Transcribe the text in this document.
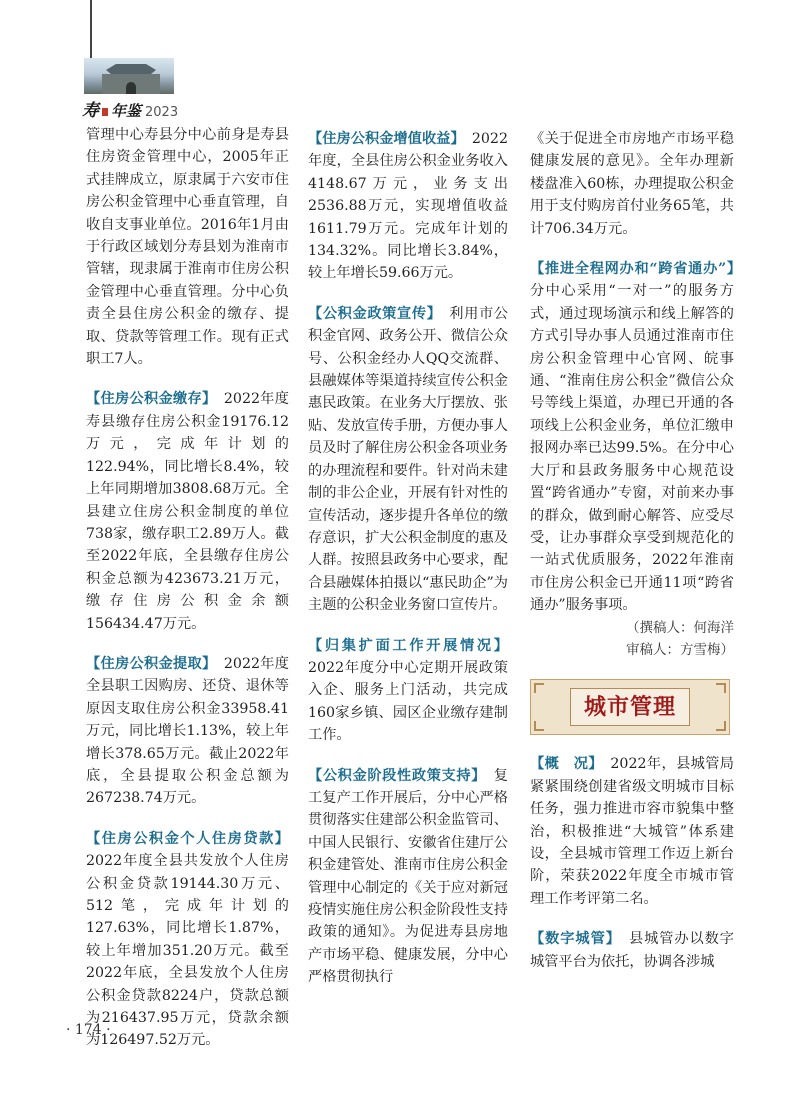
寿 年鉴 2023

管理中心寿县分中心前身是寿县住房资金管理中心，2005年正式挂牌成立，原隶属于六安市住房公积金管理中心垂直管理，自收自支事业单位。2016年1月由于行政区域划分寿县划为淮南市管辖，现隶属于淮南市住房公积金管理中心垂直管理。分中心负责全县住房公积金的缴存、提取、贷款等管理工作。现有正式职工7人。

【住房公积金缴存】　 2022年度寿县缴存住房公积金19176.12万元，完成年计划的122.94%，同比增长8.4%，较上年同期增加3808.68万元。全县建立住房公积金制度的单位738家，缴存职工2.89万人。截至2022年底，全县缴存住房公积金总额为423673.21万元，缴存住房公积金余额156434.47万元。

【住房公积金提取】　 2022年度全县职工因购房、还贷、退休等原因支取住房公积金33958.41万元，同比增长1.13%，较上年增长378.65万元。截止2022年底，全县提取公积金总额为267238.74万元。

【住房公积金个人住房贷款】2022年度全县共发放个人住房公积金贷款19144.30万元、512笔，完成年计划的127.63%，同比增长1.87%，较上年增加351.20万元。截至2022年底，全县发放个人住房公积金贷款8224户，贷款总额为216437.95万元，贷款余额为126497.52万元。

【住房公积金增值收益】　 2022年度，全县住房公积金业务收入4148.67万元，业务支出2536.88万元，实现增值收益1611.79万元。完成年计划的134.32%。同比增长3.84%，较上年增长59.66万元。

【公积金政策宣传】　 利用市公积金官网、政务公开、微信公众号、公积金经办人QQ交流群、县融媒体等渠道持续宣传公积金惠民政策。在业务大厅摆放、张贴、发放宣传手册，方便办事人员及时了解住房公积金各项业务的办理流程和要件。针对尚未建制的非公企业，开展有针对性的宣传活动，逐步提升各单位的缴存意识，扩大公积金制度的惠及人群。按照县政务中心要求，配合县融媒体拍摄以“惠民助企”为主题的公积金业务窗口宣传片。

【归集扩面工作开展情况】2022年度分中心定期开展政策入企、服务上门活动，共完成160家乡镇、园区企业缴存建制工作。

【公积金阶段性政策支持】　 复工复产工作开展后，分中心严格贯彻落实住建部公积金监管司、中国人民银行、安徽省住建厅公积金建管处、淮南市住房公积金管理中心制定的《关于应对新冠疫情实施住房公积金阶段性支持政策的通知》。为促进寿县房地产市场平稳、健康发展，分中心严格贯彻执行

《关于促进全市房地产市场平稳健康发展的意见》。全年办理新楼盘准入60栋，办理提取公积金用于支付购房首付业务65笔，共计706.34万元。

【推进全程网办和“跨省通办”】　分中心采用“一对一”的服务方式，通过现场演示和线上解答的方式引导办事人员通过淮南市住房公积金管理中心官网、皖事通、“淮南住房公积金”微信公众号等线上渠道，办理已开通的各项线上公积金业务，单位汇缴申报网办率已达99.5%。在分中心大厅和县政务服务中心规范设置“跨省通办”专窗，对前来办事的群众，做到耐心解答、应受尽受，让办事群众享受到规范化的一站式优质服务，2022年淮南市住房公积金已开通11项“跨省通办”服务事项。

（撰稿人：何海洋

审稿人：方雪梅）

城市管理

【概　况】　 2022年，县城管局紧紧围绕创建省级文明城市目标任务，强力推进市容市貌集中整治，积极推进“大城管”体系建设，全县城市管理工作迈上新台阶，荣获2022年度全市城市管理工作考评第二名。

【数字城管】　 县城管办以数字城管平台为依托，协调各涉城

· 174 ·
